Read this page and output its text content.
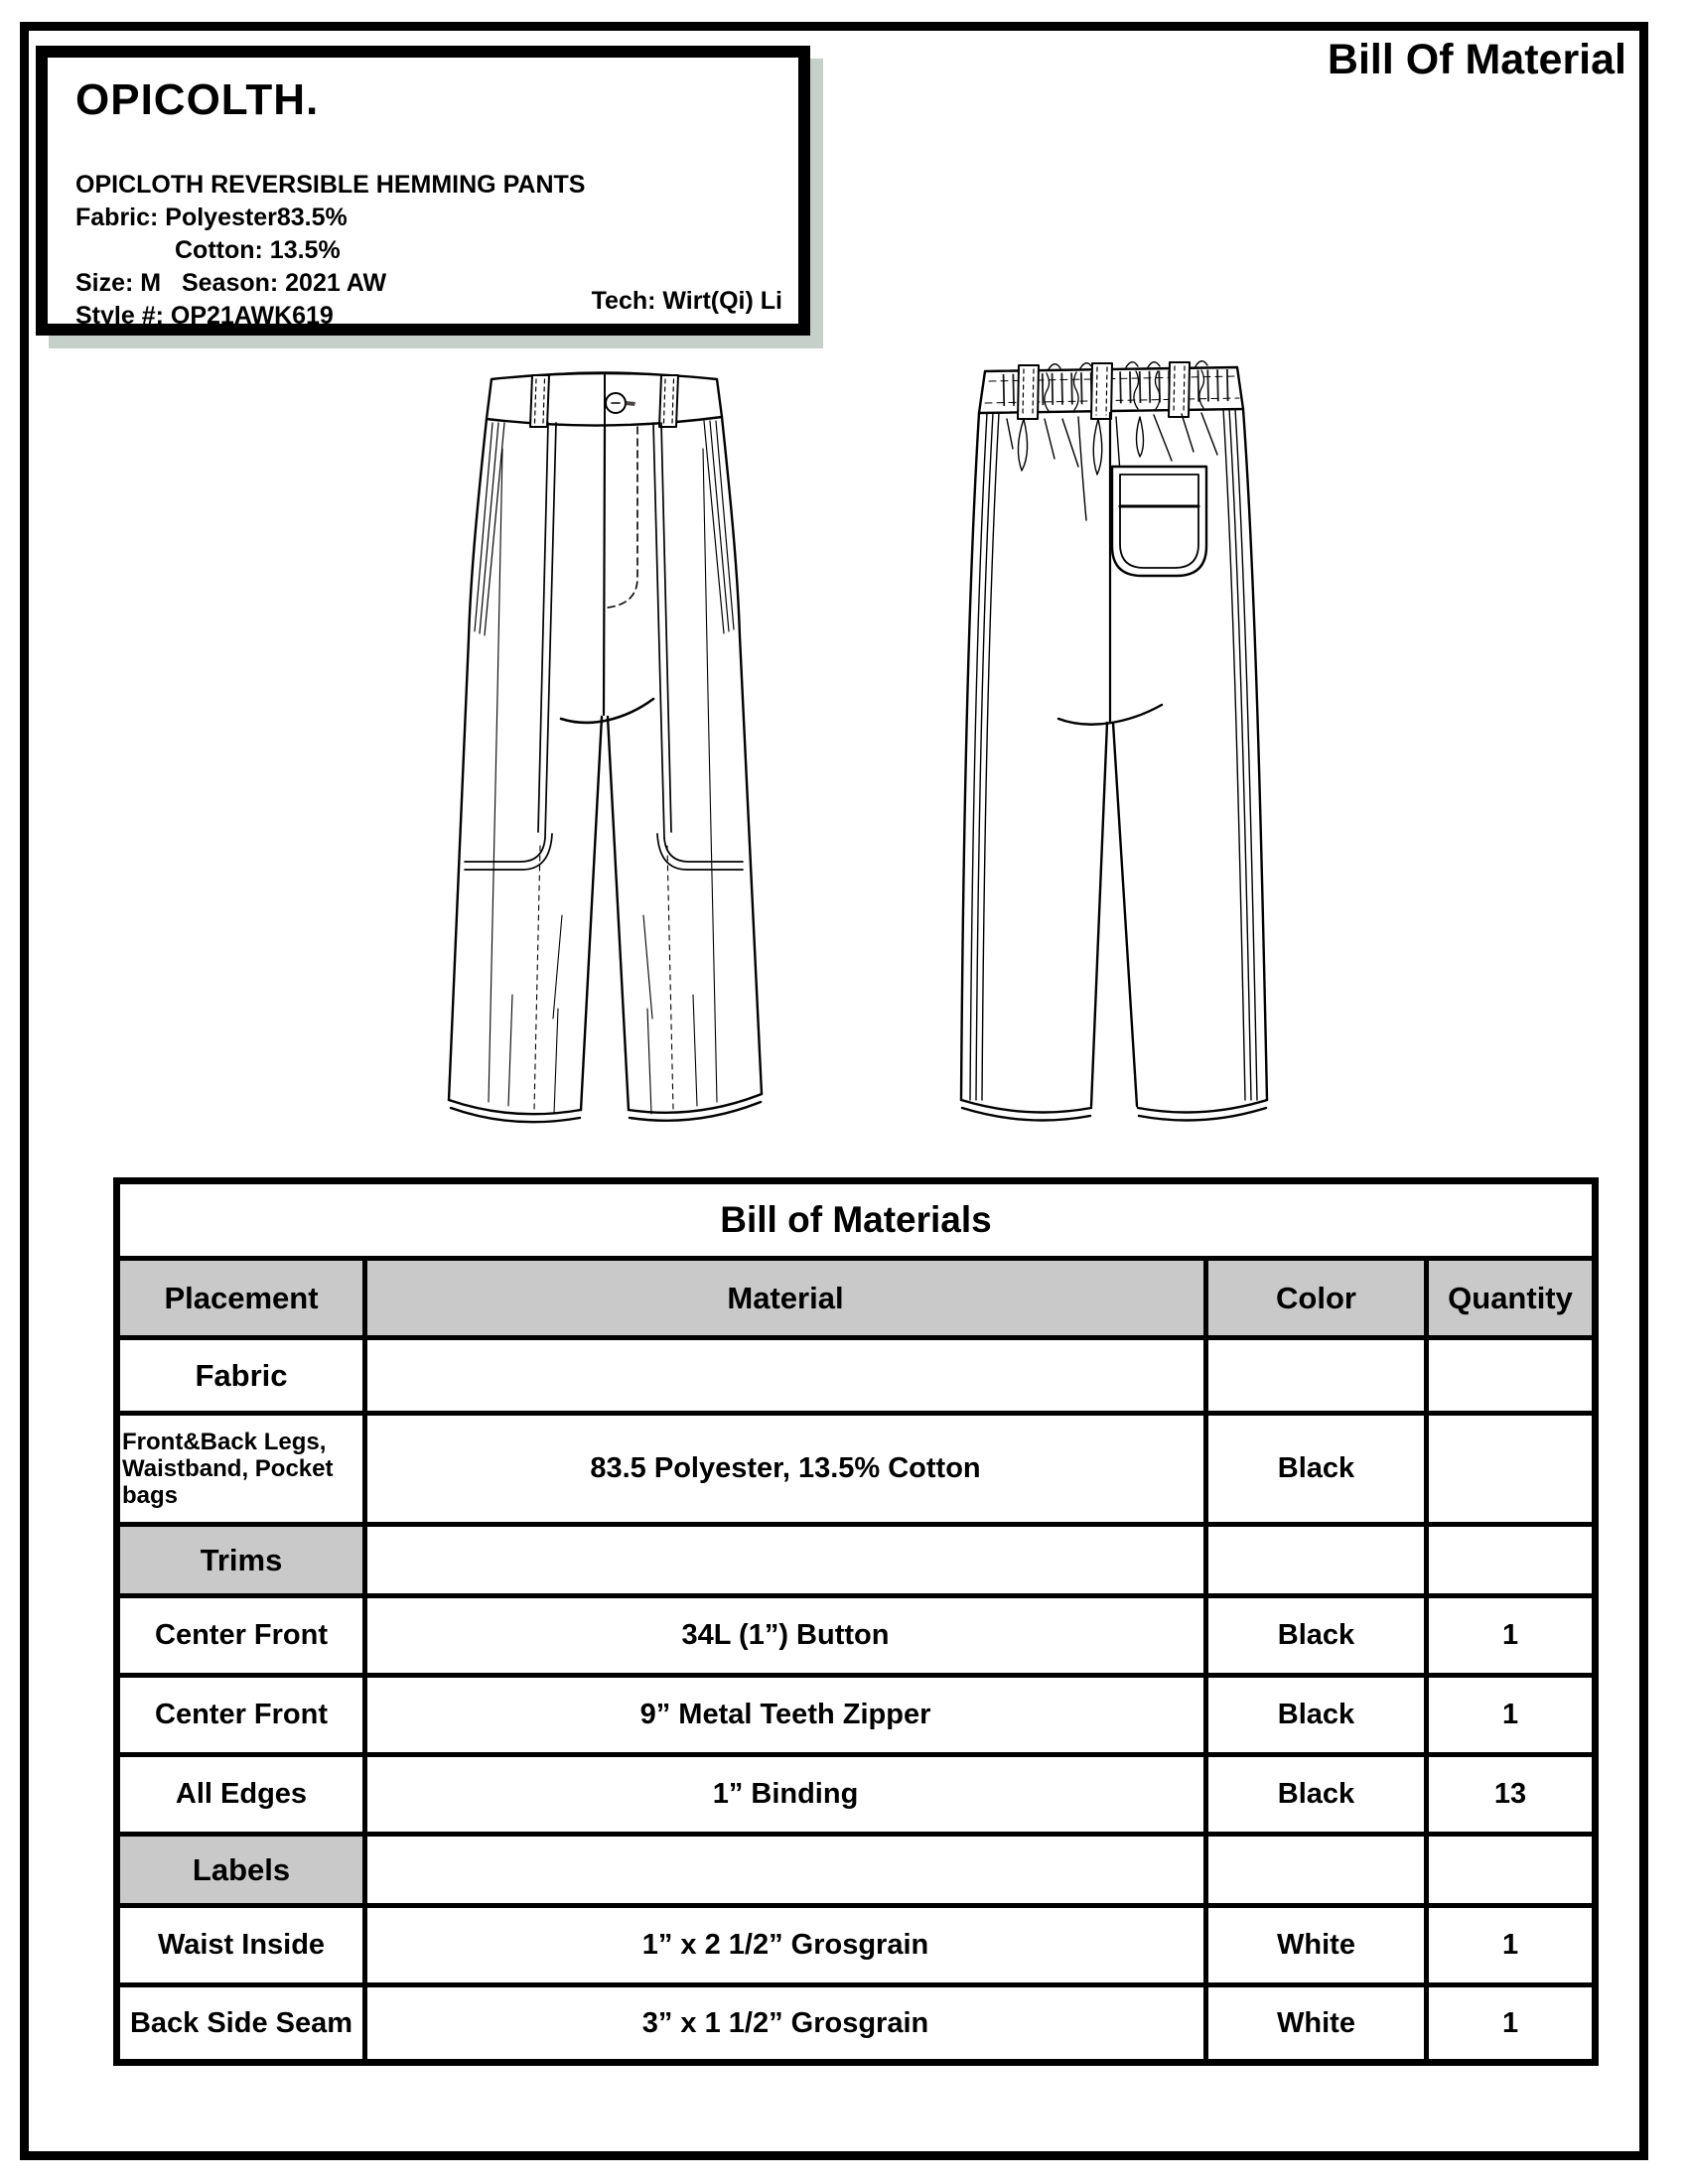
Bill Of Material
OPICOLTH.
OPICLOTH REVERSIBLE HEMMING PANTS
Fabric: Polyester83.5%
Cotton: 13.5%
Size: M   Season: 2021 AW
Style #: OP21AWK619
Tech: Wirt(Qi) Li
Bill of Materials			
Placement	Material	Color	Quantity
Fabric			
Front&Back Legs, Waistband, Pocket bags	83.5 Polyester, 13.5% Cotton	Black	
Trims			
Center Front	34L (1”) Button	Black	1
Center Front	9” Metal Teeth Zipper	Black	1
All Edges	1” Binding	Black	13
Labels			
Waist Inside	1” x 2 1/2” Grosgrain	White	1
Back Side Seam	3” x 1 1/2” Grosgrain	White	1
